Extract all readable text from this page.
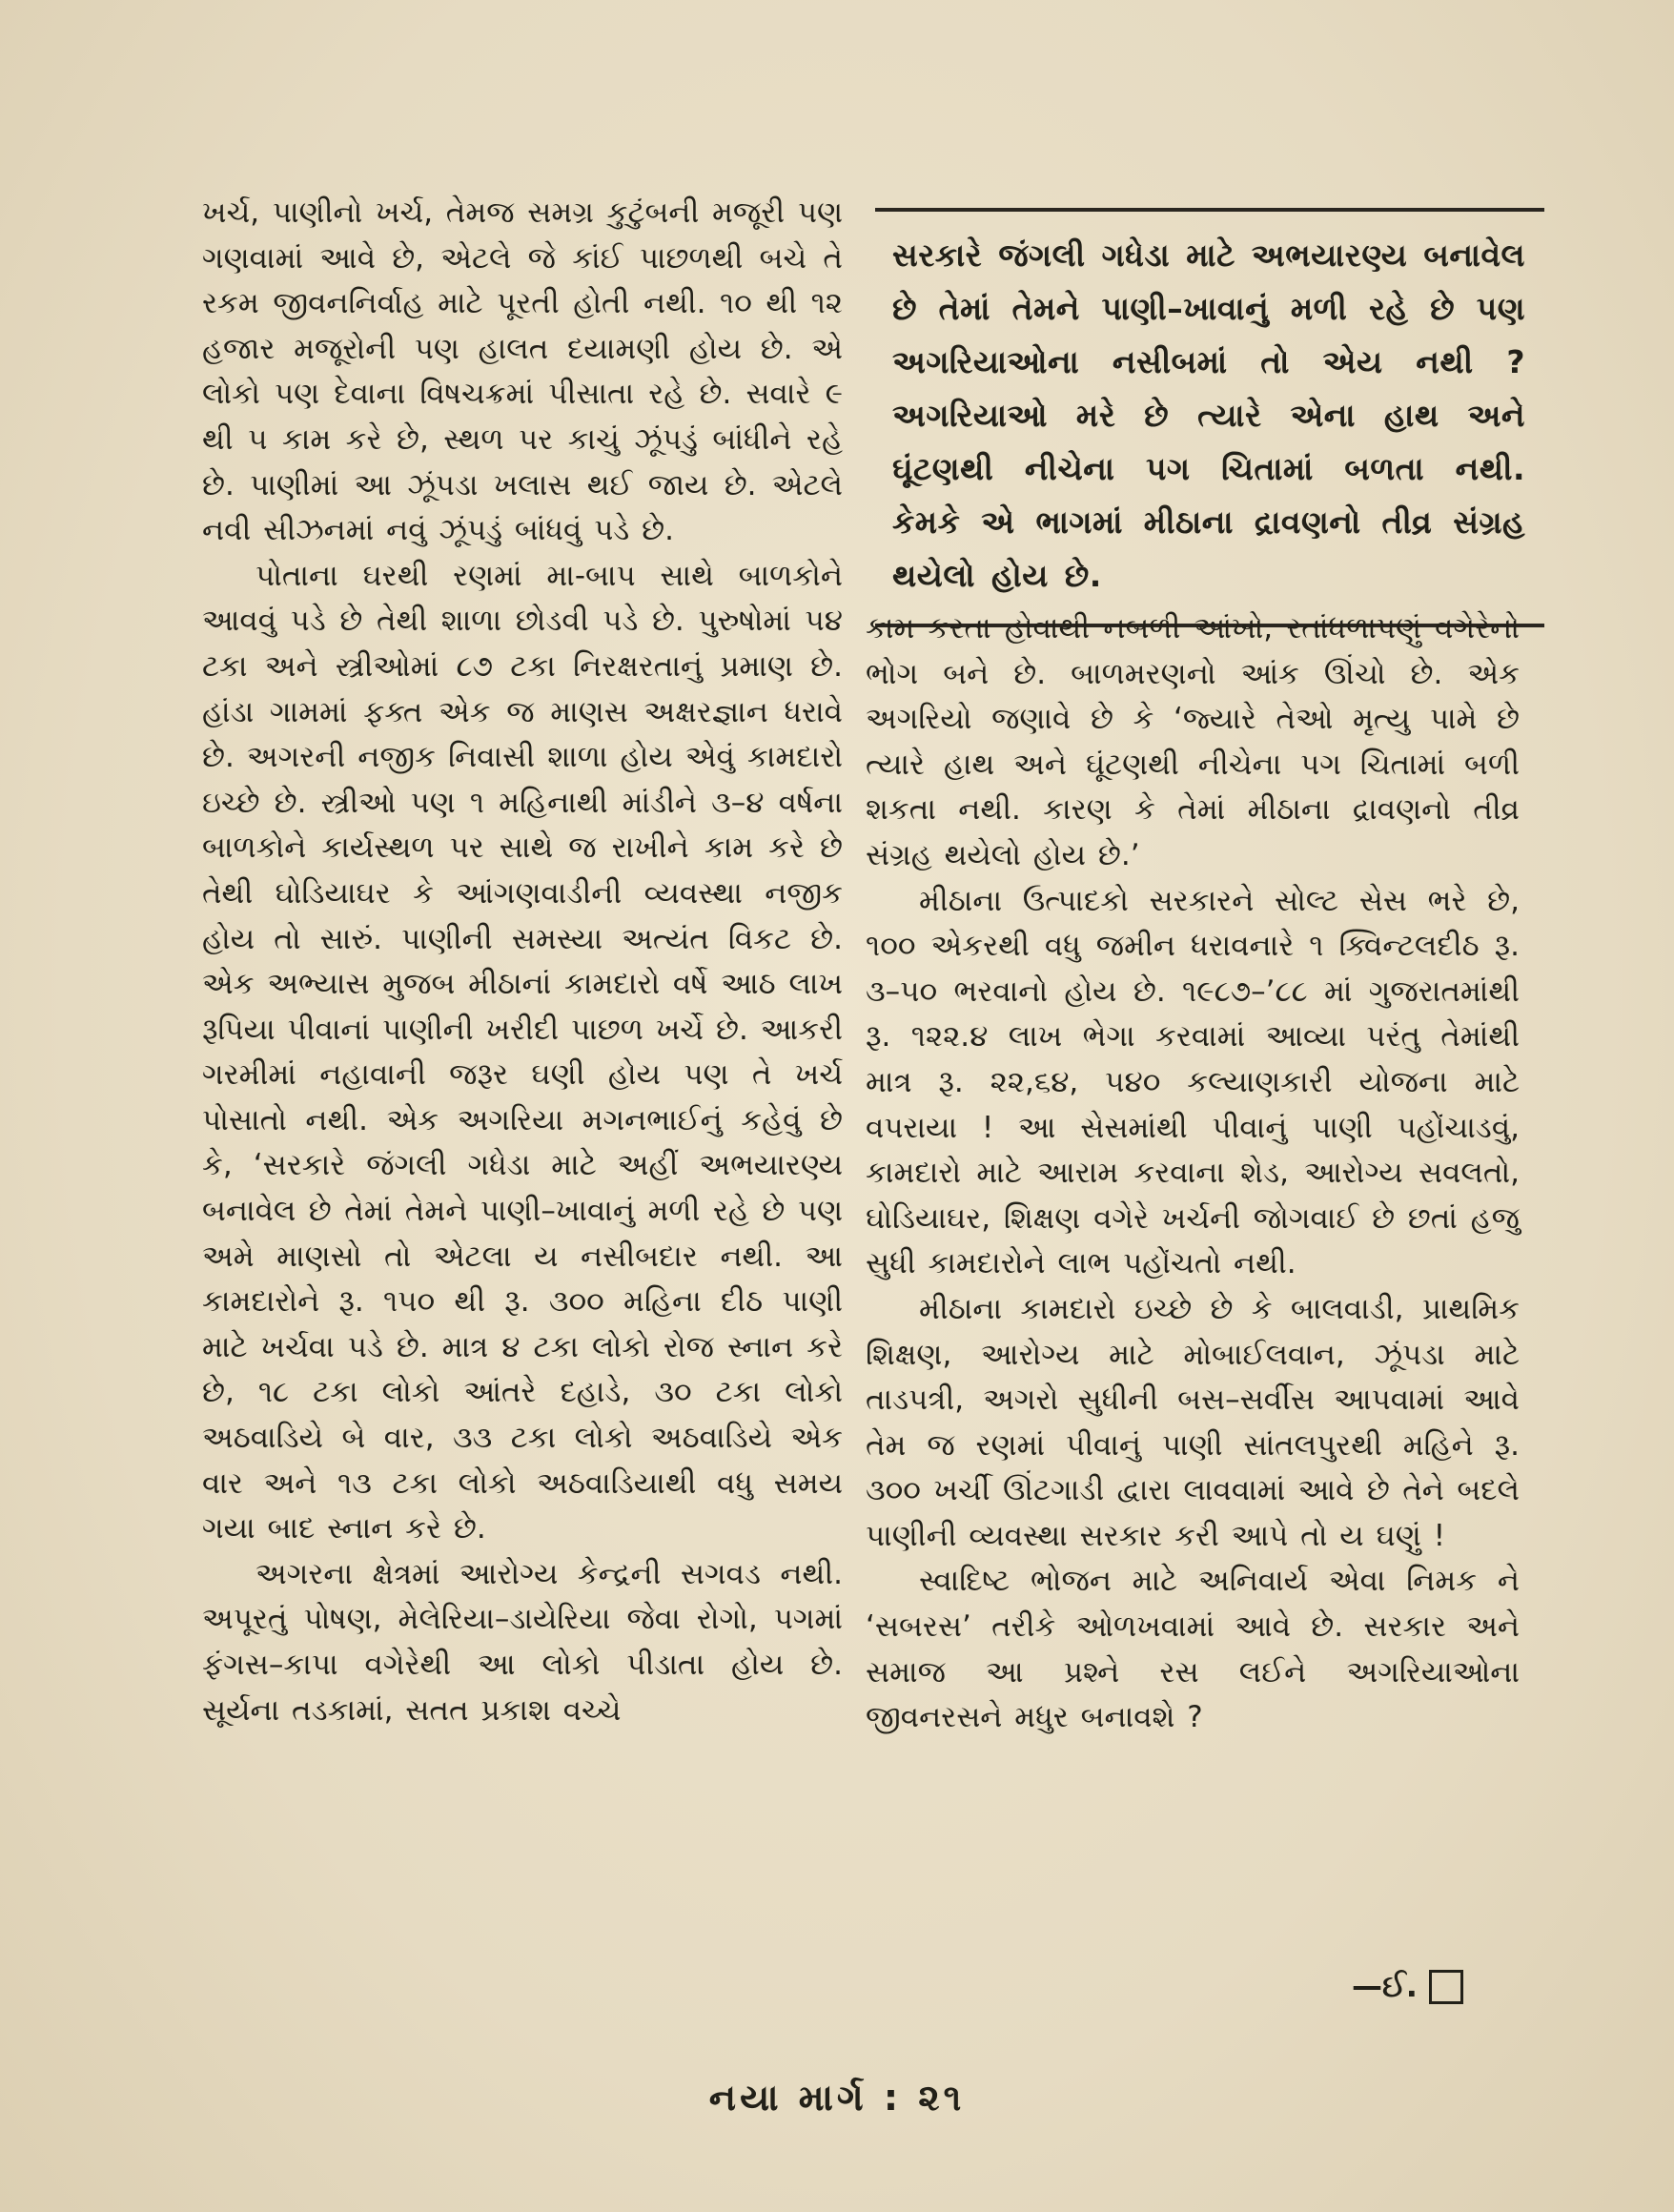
ખર્ચ, પાણીનો ખર્ચ, તેમજ સમગ્ર કુટુંબની મજૂરી પણ ગણવામાં આવે છે, એટલે જે કાંઈ પાછળથી બચે તે રકમ જીવનનિર્વાહ માટે પૂરતી હોતી નથી. ૧૦ થી ૧૨ હજાર મજૂરોની પણ હાલત દયામણી હોય છે. એ લોકો પણ દેવાના વિષચક્રમાં પીસાતા રહે છે. સવારે ૯ થી ૫ કામ કરે છે, સ્થળ પર કાચું ઝૂંપડું બાંધીને રહે છે. પાણીમાં આ ઝૂંપડા ખલાસ થઈ જાય છે. એટલે નવી સીઝનમાં નવું ઝૂંપડું બાંધવું પડે છે.

પોતાના ઘરથી રણમાં મા-બાપ સાથે બાળકોને આવવું પડે છે તેથી શાળા છોડવી પડે છે. પુરુષોમાં ૫૪ ટકા અને સ્ત્રીઓમાં ૮૭ ટકા નિરક્ષરતાનું પ્રમાણ છે. હાંડા ગામમાં ફક્ત એક જ માણસ અક્ષરજ્ઞાન ધરાવે છે. અગરની નજીક નિવાસી શાળા હોય એવું કામદારો ઇચ્છે છે. સ્ત્રીઓ પણ ૧ મહિનાથી માંડીને ૩–૪ વર્ષના બાળકોને કાર્યસ્થળ પર સાથે જ રાખીને કામ કરે છે તેથી ઘોડિયાઘર કે આંગણવાડીની વ્યવસ્થા નજીક હોય તો સારું. પાણીની સમસ્યા અત્યંત વિકટ છે. એક અભ્યાસ મુજબ મીઠાનાં કામદારો વર્ષે આઠ લાખ રૂપિયા પીવાનાં પાણીની ખરીદી પાછળ ખર્ચે છે. આકરી ગરમીમાં નહાવાની જરૂર ઘણી હોય પણ તે ખર્ચ પોસાતો નથી. એક અગરિયા મગનભાઈનું કહેવું છે કે, ‘સરકારે જંગલી ગધેડા માટે અહીં અભયારણ્ય બનાવેલ છે તેમાં તેમને પાણી–ખાવાનું મળી રહે છે પણ અમે માણસો તો એટલા ય નસીબદાર નથી. આ કામદારોને રૂ. ૧૫૦ થી રૂ. ૩૦૦ મહિના દીઠ પાણી માટે ખર્ચવા પડે છે. માત્ર ૪ ટકા લોકો રોજ સ્નાન કરે છે, ૧૮ ટકા લોકો આંતરે દહાડે, ૩૦ ટકા લોકો અઠવાડિયે બે વાર, ૩૩ ટકા લોકો અઠવાડિયે એક વાર અને ૧૩ ટકા લોકો અઠવાડિયાથી વધુ સમય ગયા બાદ સ્નાન કરે છે.

અગરના ક્ષેત્રમાં આરોગ્ય કેન્દ્રની સગવડ નથી. અપૂરતું પોષણ, મેલેરિયા–ડાયેરિયા જેવા રોગો, પગમાં ફંગસ–કાપા વગેરેથી આ લોકો પીડાતા હોય છે. સૂર્યના તડકામાં, સતત પ્રકાશ વચ્ચે

સરકારે જંગલી ગધેડા માટે અભયારણ્ય બનાવેલ છે તેમાં તેમને પાણી–ખાવાનું મળી રહે છે પણ અગરિયાઓના નસીબમાં તો એય નથી ? અગરિયાઓ મરે છે ત્યારે એના હાથ અને ઘૂંટણથી નીચેના પગ ચિતામાં બળતા નથી. કેમકે એ ભાગમાં મીઠાના દ્રાવણનો તીવ્ર સંગ્રહ થયેલો હોય છે.

કામ કરતા હોવાથી નબળી આંખો, રતાંધળાપણું વગેરેનો ભોગ બને છે. બાળમરણનો આંક ઊંચો છે. એક અગરિયો જણાવે છે કે ‘જ્યારે તેઓ મૃત્યુ પામે છે ત્યારે હાથ અને ઘૂંટણથી નીચેના પગ ચિતામાં બળી શકતા નથી. કારણ કે તેમાં મીઠાના દ્રાવણનો તીવ્ર સંગ્રહ થયેલો હોય છે.’

મીઠાના ઉત્પાદકો સરકારને સોલ્ટ સેસ ભરે છે, ૧૦૦ એકરથી વધુ જમીન ધરાવનારે ૧ ક્વિન્ટલદીઠ રૂ. ૩–૫૦ ભરવાનો હોય છે. ૧૯૮૭–’૮૮ માં ગુજરાતમાંથી રૂ. ૧૨૨.૪ લાખ ભેગા કરવામાં આવ્યા પરંતુ તેમાંથી માત્ર રૂ. ૨૨,૬૪, ૫૪૦ કલ્યાણકારી યોજના માટે વપરાયા ! આ સેસમાંથી પીવાનું પાણી પહોંચાડવું, કામદારો માટે આરામ કરવાના શેડ, આરોગ્ય સવલતો, ઘોડિયાઘર, શિક્ષણ વગેરે ખર્ચની જોગવાઈ છે છતાં હજુ સુધી કામદારોને લાભ પહોંચતો નથી.

મીઠાના કામદારો ઇચ્છે છે કે બાલવાડી, પ્રાથમિક શિક્ષણ, આરોગ્ય માટે મોબાઈલવાન, ઝૂંપડા માટે તાડપત્રી, અગરો સુધીની બસ–સર્વીસ આપવામાં આવે તેમ જ રણમાં પીવાનું પાણી સાંતલપુરથી મહિને રૂ. ૩૦૦ ખર્ચી ઊંટગાડી દ્વારા લાવવામાં આવે છે તેને બદલે પાણીની વ્યવસ્થા સરકાર કરી આપે તો ય ઘણું !

સ્વાદિષ્ટ ભોજન માટે અનિવાર્ય એવા નિમક ને ‘સબરસ’ તરીકે ઓળખવામાં આવે છે. સરકાર અને સમાજ આ પ્રશ્ને રસ લઈને અગરિયાઓના જીવનરસને મધુર બનાવશે ?

—ઈ.
નયા માર્ગ : ૨૧
